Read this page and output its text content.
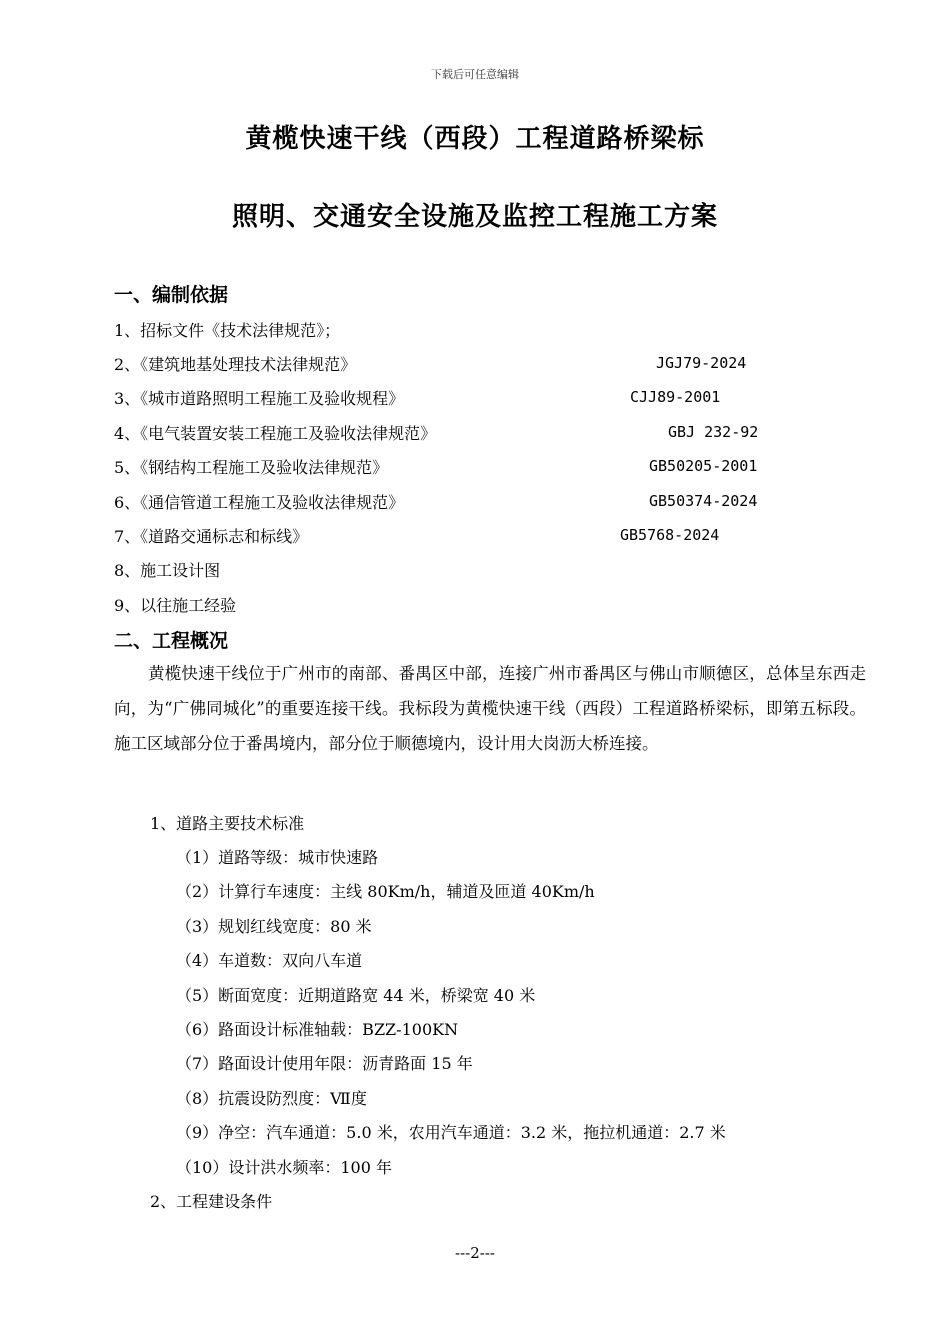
下载后可任意编辑
黄榄快速干线（西段）工程道路桥梁标
照明、交通安全设施及监控工程施工方案
一、编制依据
1、招标文件《技术法律规范》；
2、《建筑地基处理技术法律规范》	JGJ79-2024
3、《城市道路照明工程施工及验收规程》	CJJ89-2001
4、《电气装置安装工程施工及验收法律规范》	GBJ 232-92
5、《钢结构工程施工及验收法律规范》	GB50205-2001
6、《通信管道工程施工及验收法律规范》	GB50374-2024
7、《道路交通标志和标线》	GB5768-2024
8、施工设计图
9、以往施工经验
二、工程概况
黄榄快速干线位于广州市的南部、番禺区中部，连接广州市番禺区与佛山市顺德区，总体呈东西走向，为“广佛同城化”的重要连接干线。我标段为黄榄快速干线（西段）工程道路桥梁标，即第五标段。施工区域部分位于番禺境内，部分位于顺德境内，设计用大岗沥大桥连接。
1、道路主要技术标准
（1）道路等级：城市快速路
（2）计算行车速度：主线 80Km/h，辅道及匝道 40Km/h
（3）规划红线宽度：80 米
（4）车道数：双向八车道
（5）断面宽度：近期道路宽 44 米，桥梁宽 40 米
（6）路面设计标准轴载：BZZ-100KN
（7）路面设计使用年限：沥青路面 15 年
（8）抗震设防烈度：Ⅶ度
（9）净空：汽车通道：5.0 米，农用汽车通道：3.2 米，拖拉机通道：2.7 米
（10）设计洪水频率：100 年
2、工程建设条件
---2---
